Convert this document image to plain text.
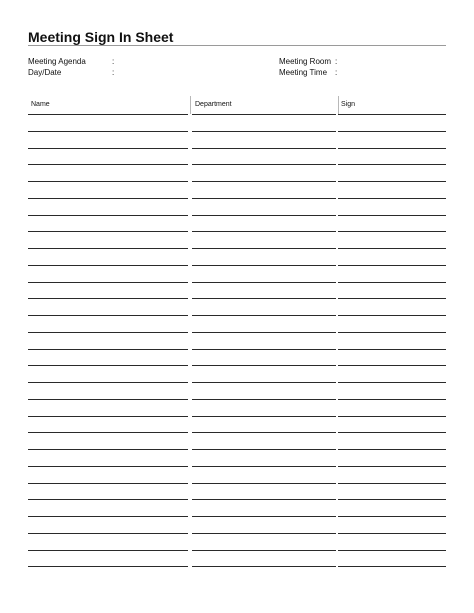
Meeting Sign In Sheet
Meeting Agenda	:
Day/Date	:
Meeting Room :
Meeting Time :
Name	Department	Sign
